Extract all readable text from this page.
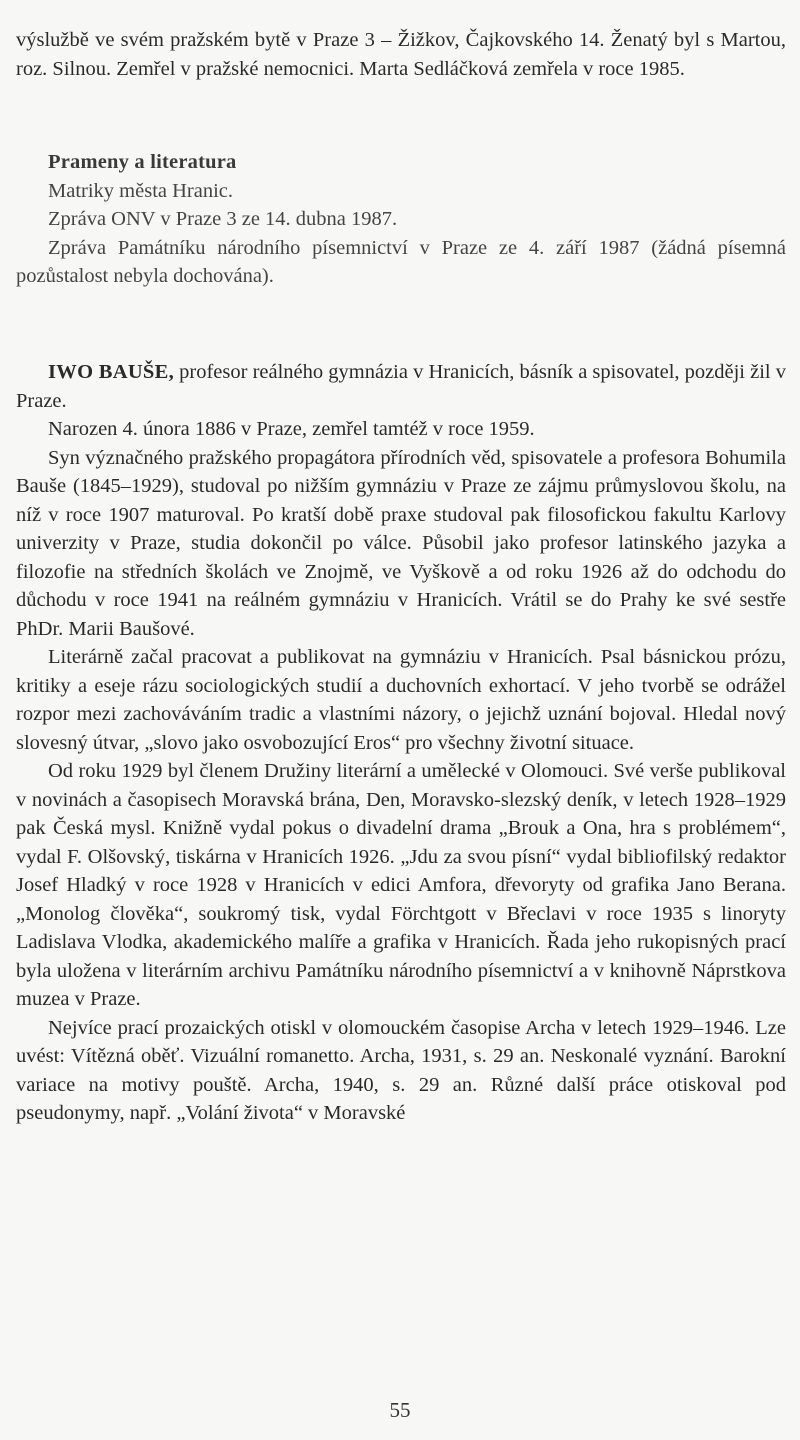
výslužbě ve svém pražském bytě v Praze 3 – Žižkov, Čajkovského 14. Ženatý byl s Martou, roz. Silnou. Zemřel v pražské nemocnici. Marta Sedláčková zemřela v roce 1985.

Prameny a literatura

Matriky města Hranic.

Zpráva ONV v Praze 3 ze 14. dubna 1987.

Zpráva Památníku národního písemnictví v Praze ze 4. září 1987 (žádná písemná pozůstalost nebyla dochována).

IWO BAUŠE, profesor reálného gymnázia v Hranicích, básník a spisovatel, později žil v Praze.

Narozen 4. února 1886 v Praze, zemřel tamtéž v roce 1959.

Syn význačného pražského propagátora přírodních věd, spisovatele a profesora Bohumila Bauše (1845–1929), studoval po nižším gymnáziu v Praze ze zájmu průmyslovou školu, na níž v roce 1907 maturoval. Po kratší době praxe studoval pak filosofickou fakultu Karlovy univerzity v Praze, studia dokončil po válce. Působil jako profesor latinského jazyka a filozofie na středních školách ve Znojmě, ve Vyškově a od roku 1926 až do odchodu do důchodu v roce 1941 na reálném gymnáziu v Hranicích. Vrátil se do Prahy ke své sestře PhDr. Marii Baušové.

Literárně začal pracovat a publikovat na gymnáziu v Hranicích. Psal básnickou prózu, kritiky a eseje rázu sociologických studií a duchovních exhortací. V jeho tvorbě se odrážel rozpor mezi zachováváním tradic a vlastními názory, o jejichž uznání bojoval. Hledal nový slovesný útvar, „slovo jako osvobozující Eros“ pro všechny životní situace.

Od roku 1929 byl členem Družiny literární a umělecké v Olomouci. Své verše publikoval v novinách a časopisech Moravská brána, Den, Moravsko-slezský deník, v letech 1928–1929 pak Česká mysl. Knižně vydal pokus o divadelní drama „Brouk a Ona, hra s problémem“, vydal F. Olšovský, tiskárna v Hranicích 1926. „Jdu za svou písní“ vydal bibliofilský redaktor Josef Hladký v roce 1928 v Hranicích v edici Amfora, dřevoryty od grafika Jano Berana. „Monolog člověka“, soukromý tisk, vydal Förchtgott v Břeclavi v roce 1935 s linoryty Ladislava Vlodka, akademického malíře a grafika v Hranicích. Řada jeho rukopisných prací byla uložena v literárním archivu Památníku národního písemnictví a v knihovně Náprstkova muzea v Praze.

Nejvíce prací prozaických otiskl v olomouckém časopise Archa v letech 1929–1946. Lze uvést: Vítězná oběť. Vizuální romanetto. Archa, 1931, s. 29 an. Neskonalé vyznání. Barokní variace na motivy pouště. Archa, 1940, s. 29 an. Různé další práce otiskoval pod pseudonymy, např. „Volání života“ v Moravské

55
